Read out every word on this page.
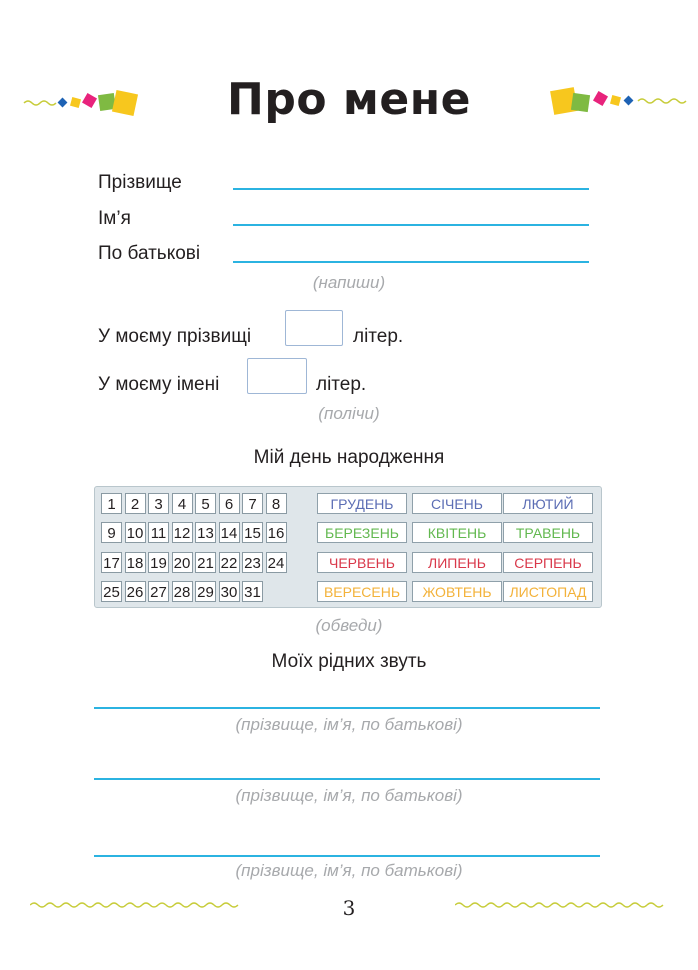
Про мене
Прізвище
Ім’я
По батькові
(напиши)
У моєму прізвищі	літер.
У моєму імені	літер.
(полічи)
Мій день народження
1	2	3	4	5	6	7	8
9 10 11 12 13 14 15 16
17 18 19 20 21 22 23 24
25 26 27 28 29 30 31
ГРУДЕНЬ	СІЧЕНЬ	ЛЮТИЙ
БЕРЕЗЕНЬ	КВІТЕНЬ	ТРАВЕНЬ
ЧЕРВЕНЬ	ЛИПЕНЬ	СЕРПЕНЬ
ВЕРЕСЕНЬ	ЖОВТЕНЬ	ЛИСТОПАД
(обведи)
Моїх рідних звуть
(прізвище, ім’я, по батькові)
(прізвище, ім’я, по батькові)
(прізвище, ім’я, по батькові)
3
